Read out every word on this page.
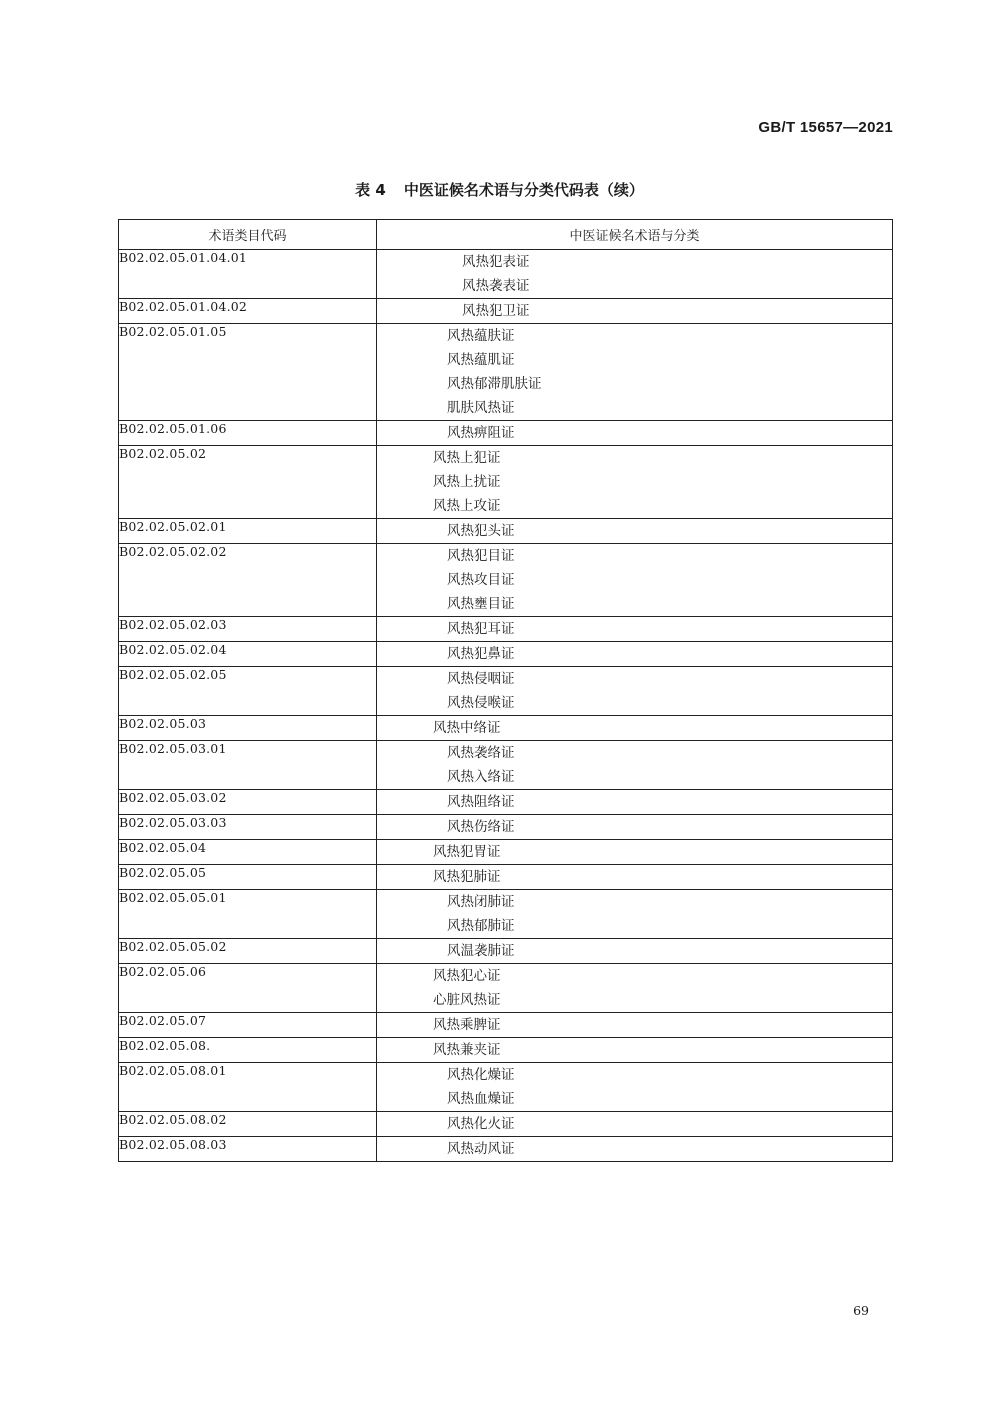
GB/T 15657—2021
表 4 中医证候名术语与分类代码表（续）
术语类目代码	中医证候名术语与分类
B02.02.05.01.04.01	风热犯表证
风热袭表证

B02.02.05.01.04.02	风热犯卫证

B02.02.05.01.05	风热蕴肤证
风热蕴肌证
风热郁滞肌肤证
肌肤风热证

B02.02.05.01.06	风热痹阻证

B02.02.05.02	风热上犯证
风热上扰证
风热上攻证

B02.02.05.02.01	风热犯头证

B02.02.05.02.02	风热犯目证
风热攻目证
风热壅目证

B02.02.05.02.03	风热犯耳证

B02.02.05.02.04	风热犯鼻证

B02.02.05.02.05	风热侵咽证
风热侵喉证

B02.02.05.03	风热中络证

B02.02.05.03.01	风热袭络证
风热入络证

B02.02.05.03.02	风热阻络证

B02.02.05.03.03	风热伤络证

B02.02.05.04	风热犯胃证

B02.02.05.05	风热犯肺证

B02.02.05.05.01	风热闭肺证
风热郁肺证

B02.02.05.05.02	风温袭肺证

B02.02.05.06	风热犯心证
心脏风热证

B02.02.05.07	风热乘脾证

B02.02.05.08.	风热兼夹证

B02.02.05.08.01	风热化燥证
风热血燥证

B02.02.05.08.02	风热化火证

B02.02.05.08.03	风热动风证
69
